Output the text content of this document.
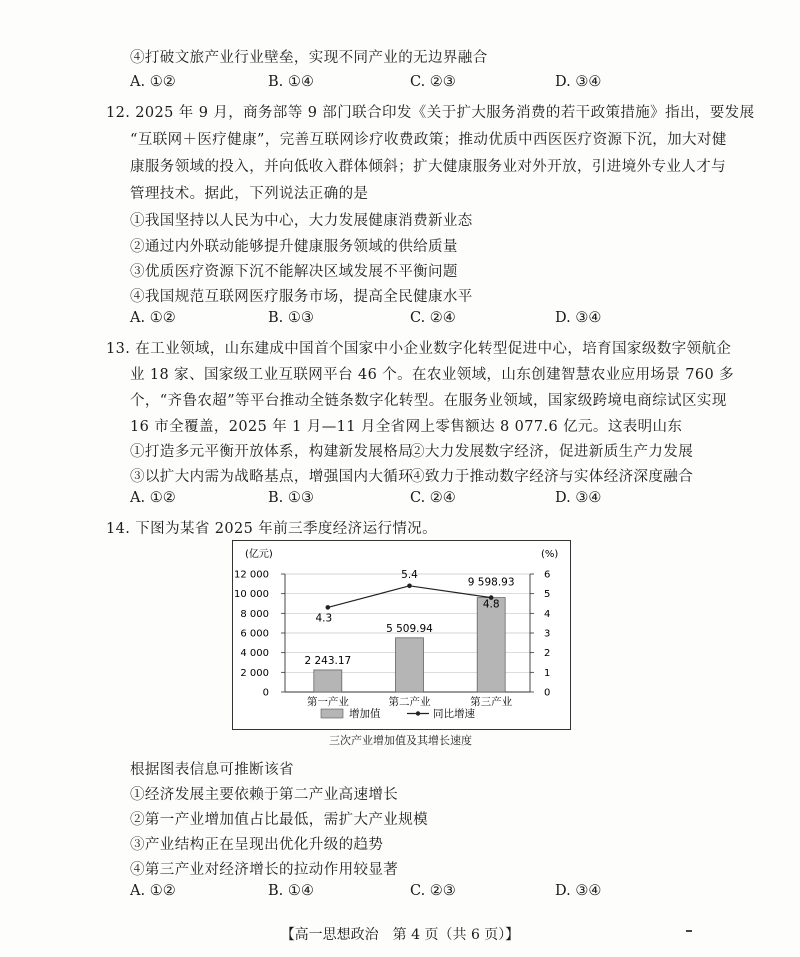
④打破文旅产业行业壁垒，实现不同产业的无边界融合
A. ①②	B. ①④	C. ②③	D. ③④
12. 2025 年 9 月，商务部等 9 部门联合印发《关于扩大服务消费的若干政策措施》指出，要发展
“互联网＋医疗健康”，完善互联网诊疗收费政策；推动优质中西医医疗资源下沉，加大对健
康服务领域的投入，并向低收入群体倾斜；扩大健康服务业对外开放，引进境外专业人才与
管理技术。据此，下列说法正确的是
①我国坚持以人民为中心，大力发展健康消费新业态
②通过内外联动能够提升健康服务领域的供给质量
③优质医疗资源下沉不能解决区域发展不平衡问题
④我国规范互联网医疗服务市场，提高全民健康水平
A. ①②	B. ①③	C. ②④	D. ③④
13. 在工业领域，山东建成中国首个国家中小企业数字化转型促进中心，培育国家级数字领航企
业 18 家、国家级工业互联网平台 46 个。在农业领域，山东创建智慧农业应用场景 760 多
个，“齐鲁农超”等平台推动全链条数字化转型。在服务业领域，国家级跨境电商综试区实现
16 市全覆盖，2025 年 1 月—11 月全省网上零售额达 8 077.6 亿元。这表明山东
①打造多元平衡开放体系，构建新发展格局
②大力发展数字经济，促进新质生产力发展
③以扩大内需为战略基点，增强国内大循环
④致力于推动数字经济与实体经济深度融合
A. ①②	B. ①③	C. ②④	D. ③④
14. 下图为某省 2025 年前三季度经济运行情况。
(亿元)	(%)
0	0
2 000	1
4 000	2
6 000	3
8 000	4
10 000	5
12 000	6
2 243.17
5 509.94
9 598.93
4.3
5.4
4.8
第一产业	第二产业	第三产业
增加值	同比增速
三次产业增加值及其增长速度
根据图表信息可推断该省
①经济发展主要依赖于第二产业高速增长
②第一产业增加值占比最低，需扩大产业规模
③产业结构正在呈现出优化升级的趋势
④第三产业对经济增长的拉动作用较显著
A. ①②	B. ①④	C. ②③	D. ③④
【高一思想政治　第 4 页（共 6 页）】
